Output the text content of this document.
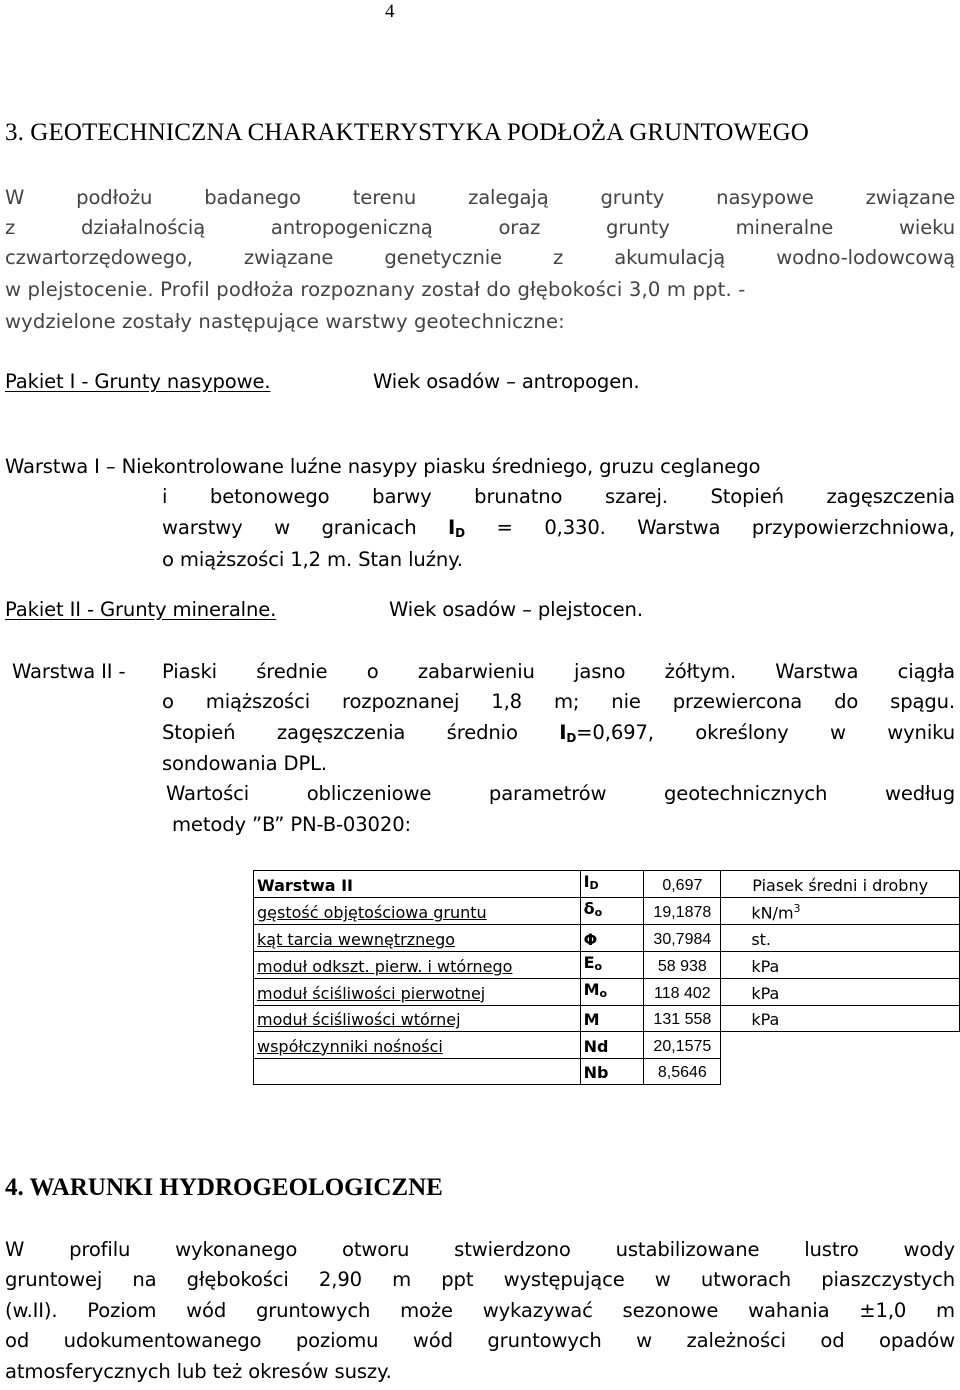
4
3. GEOTECHNICZNA CHARAKTERYSTYKA PODŁOŻA GRUNTOWEGO
W podłożu badanego terenu zalegają grunty nasypowe związane
z działalnością antropogeniczną oraz grunty mineralne wieku
czwartorzędowego, związane genetycznie z akumulacją wodno-lodowcową
w plejstocenie. Profil podłoża rozpoznany został do głębokości 3,0 m ppt. -
wydzielone zostały następujące warstwy geotechniczne:
Pakiet I - Grunty nasypowe.	Wiek osadów – antropogen.
Warstwa I – Niekontrolowane luźne nasypy piasku średniego, gruzu ceglanego
i betonowego barwy brunatno szarej. Stopień zagęszczenia
warstwy w granicach $I_D = 0,330$. Warstwa przypowierzchniowa,
o miąższości 1,2 m. Stan luźny.
Pakiet II - Grunty mineralne.	Wiek osadów – plejstocen.
Warstwa II - Piaski średnie o zabarwieniu jasno żółtym. Warstwa ciągła
o miąższości rozpoznanej 1,8 m; nie przewiercona do spągu.
Stopień zagęszczenia średnio $I_D=0,697$, określony w wyniku
sondowania DPL.
Wartości obliczeniowe parametrów geotechnicznych według
metody ”B” PN-B-03020:
Warstwa II	ID	0,697	Piasek średni i drobny
gęstość objętościowa gruntu	δo	19,1878	$kN/m^3$
kąt tarcia wewnętrznego	Φ	30,7984	st.
moduł odkszt. pierw. i wtórnego	Eo	58 938	kPa
moduł ściśliwości pierwotnej	Mo	118 402	kPa
moduł ściśliwości wtórnej	M	131 558	kPa
współczynniki nośności	Nd	20,1575	
	Nb	8,5646	
4. WARUNKI HYDROGEOLOGICZNE
W profilu wykonanego otworu stwierdzono ustabilizowane lustro wody
gruntowej na głębokości 2,90 m ppt występujące w utworach piaszczystych
(w.II). Poziom wód gruntowych może wykazywać sezonowe wahania ±1,0 m
od udokumentowanego poziomu wód gruntowych w zależności od opadów
atmosferycznych lub też okresów suszy.
